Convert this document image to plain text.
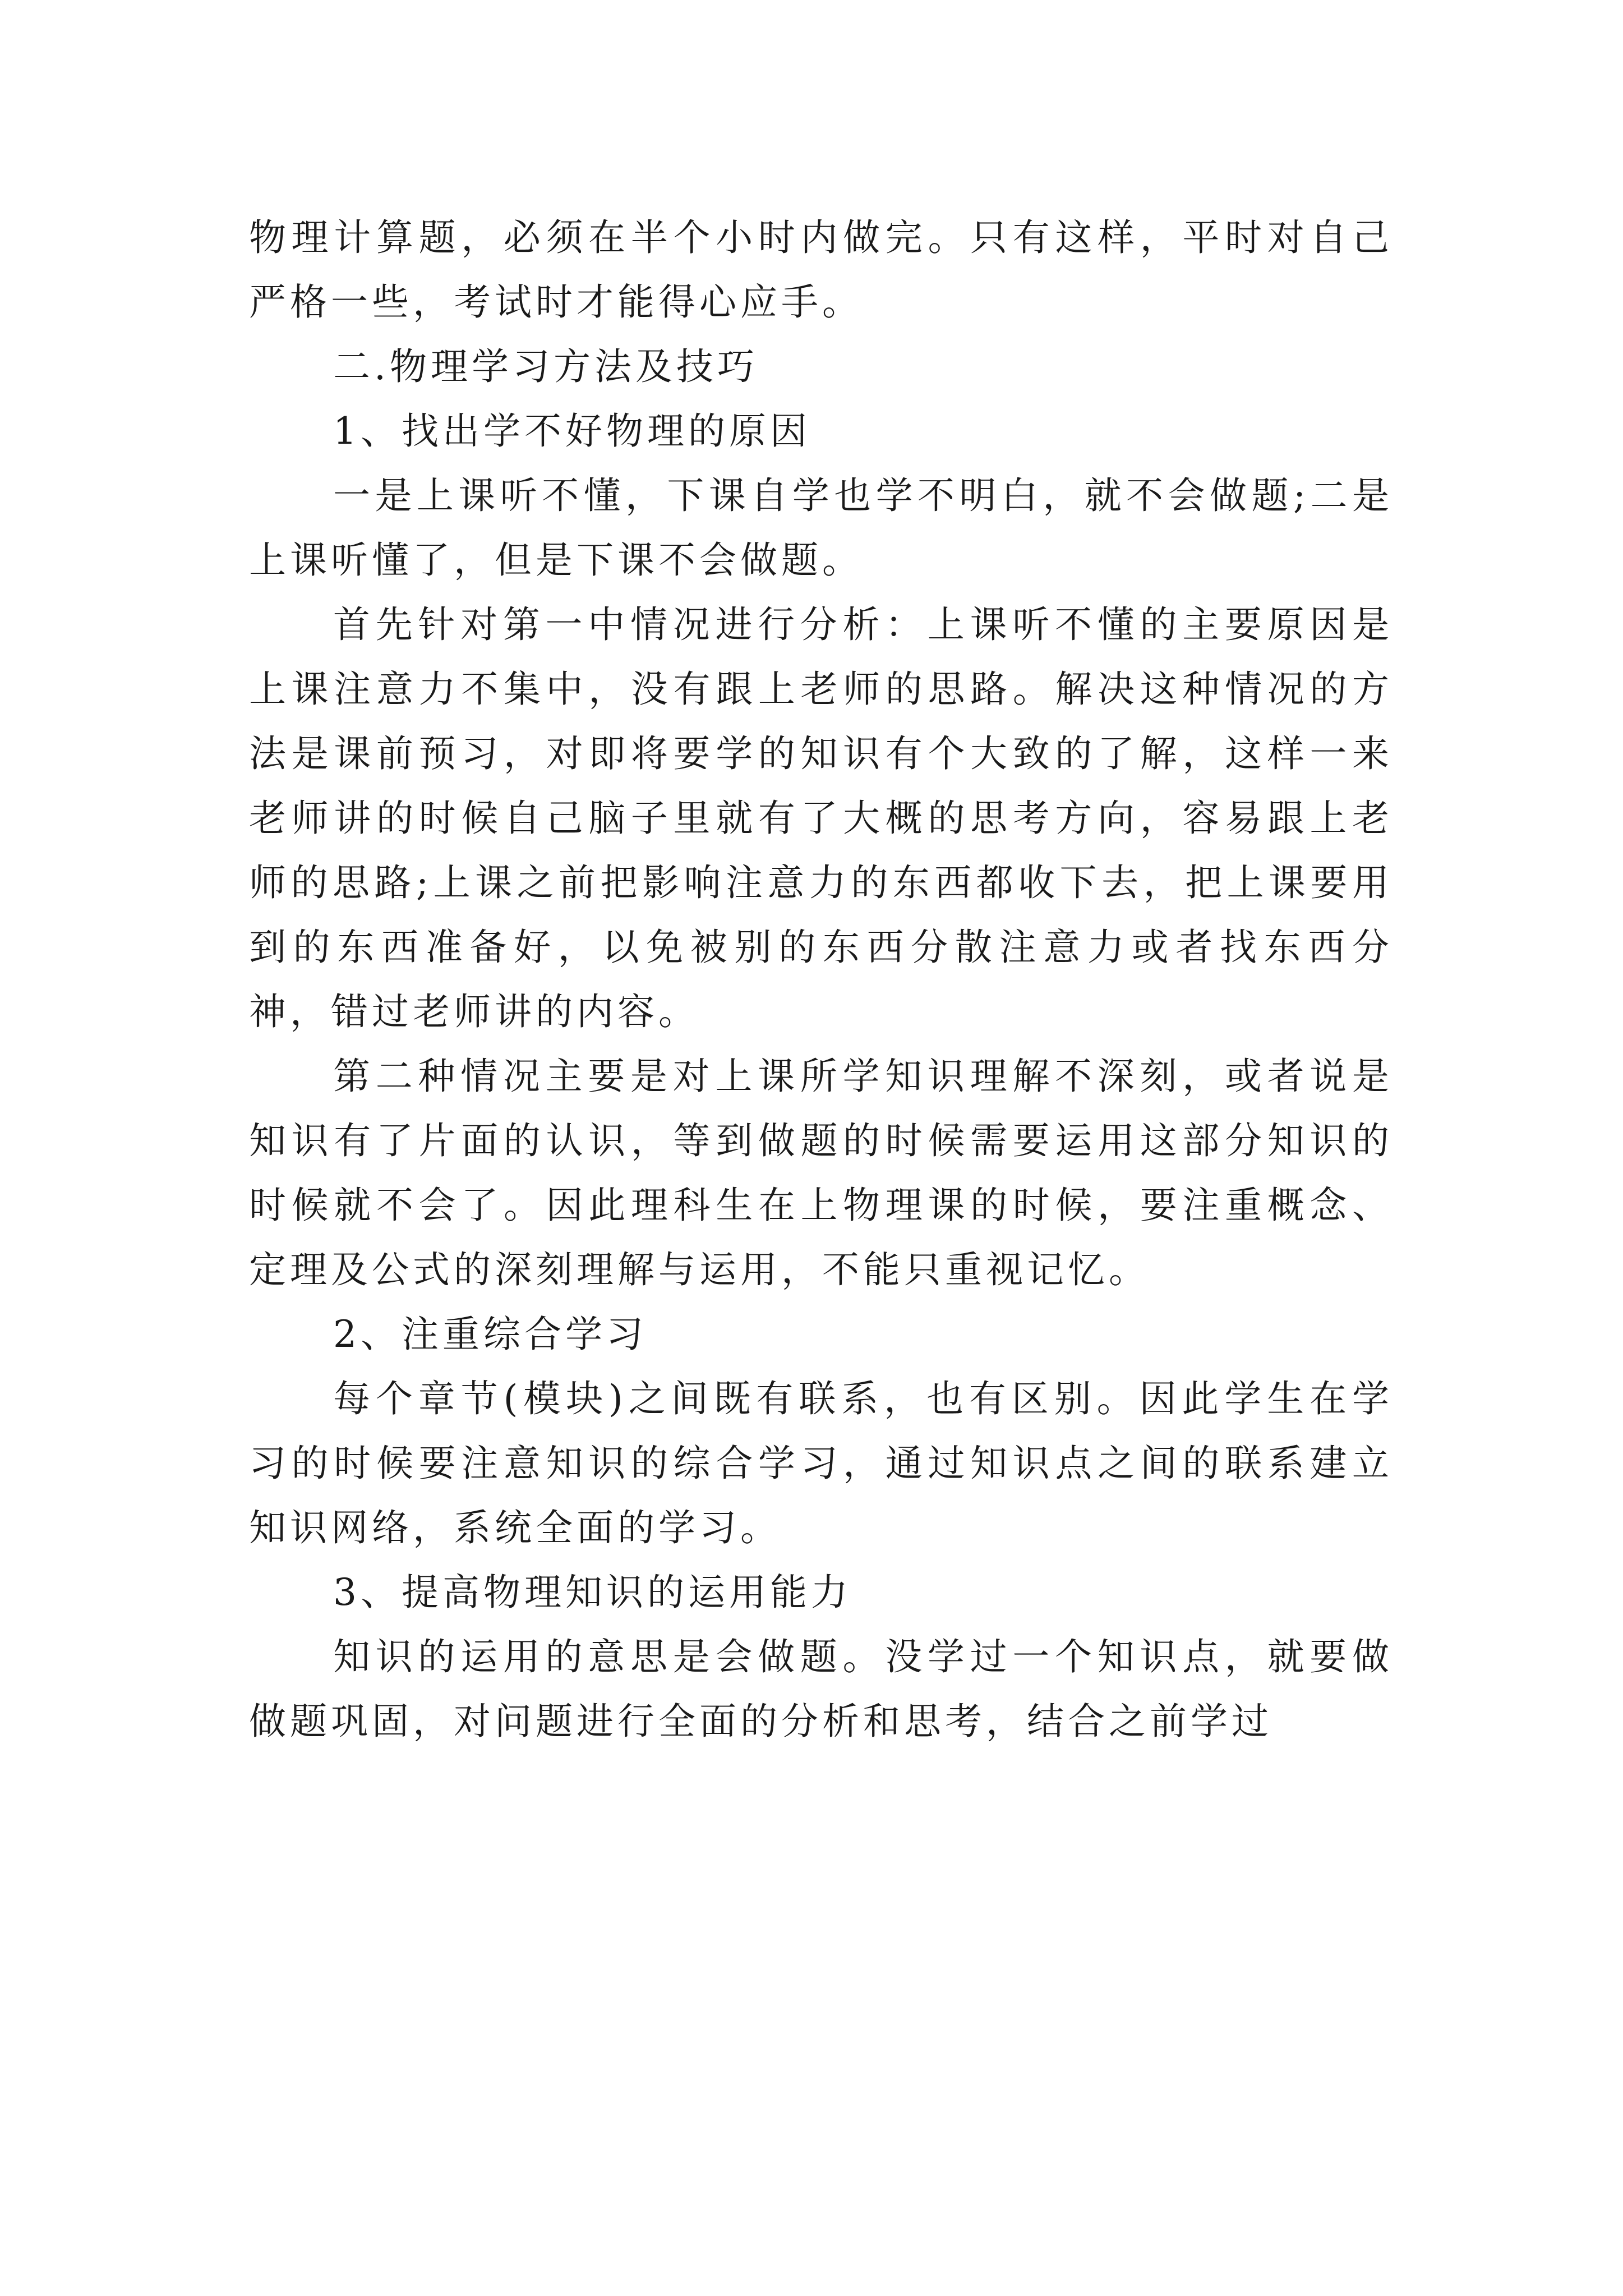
物理计算题，必须在半个小时内做完。只有这样，平时对自己严格一些，考试时才能得心应手。

二.物理学习方法及技巧

1、找出学不好物理的原因

一是上课听不懂，下课自学也学不明白，就不会做题;二是上课听懂了，但是下课不会做题。

首先针对第一中情况进行分析：上课听不懂的主要原因是上课注意力不集中，没有跟上老师的思路。解决这种情况的方法是课前预习，对即将要学的知识有个大致的了解，这样一来老师讲的时候自己脑子里就有了大概的思考方向，容易跟上老师的思路;上课之前把影响注意力的东西都收下去，把上课要用到的东西准备好，以免被别的东西分散注意力或者找东西分神，错过老师讲的内容。

第二种情况主要是对上课所学知识理解不深刻，或者说是知识有了片面的认识，等到做题的时候需要运用这部分知识的时候就不会了。因此理科生在上物理课的时候，要注重概念、定理及公式的深刻理解与运用，不能只重视记忆。

2、注重综合学习

每个章节(模块)之间既有联系，也有区别。因此学生在学习的时候要注意知识的综合学习，通过知识点之间的联系建立知识网络，系统全面的学习。

3、提高物理知识的运用能力

知识的运用的意思是会做题。没学过一个知识点，就要做做题巩固，对问题进行全面的分析和思考，结合之前学过
